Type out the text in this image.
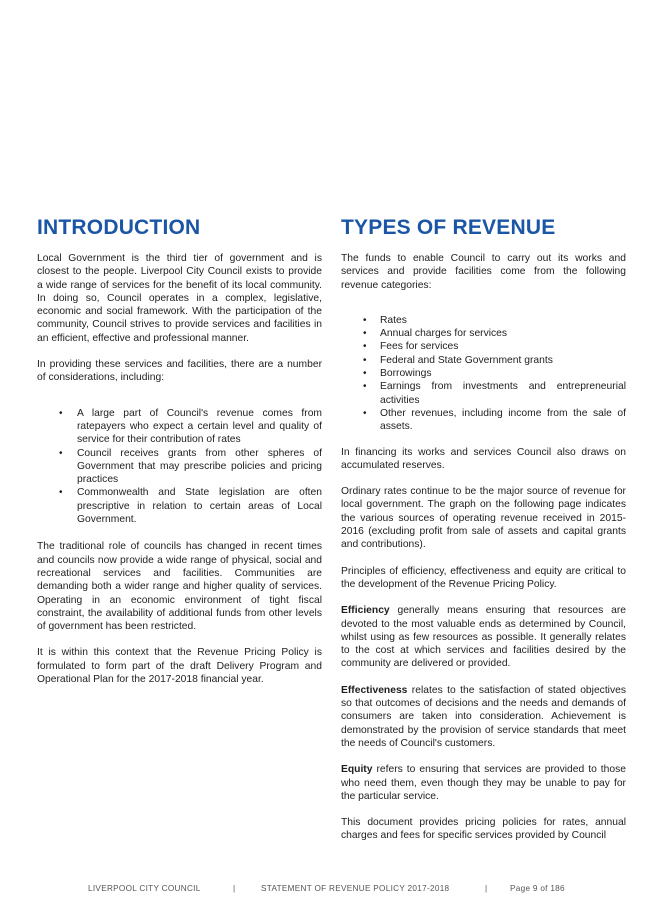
INTRODUCTION

Local Government is the third tier of government and is closest to the people. Liverpool City Council exists to provide a wide range of services for the benefit of its local community. In doing so, Council operates in a complex, legislative, economic and social framework. With the participation of the community, Council strives to provide services and facilities in an efficient, effective and professional manner.

In providing these services and facilities, there are a number of considerations, including:

• A large part of Council's revenue comes from ratepayers who expect a certain level and quality of service for their contribution of rates
• Council receives grants from other spheres of Government that may prescribe policies and pricing practices
• Commonwealth and State legislation are often prescriptive in relation to certain areas of Local Government.

The traditional role of councils has changed in recent times and councils now provide a wide range of physical, social and recreational services and facilities. Communities are demanding both a wider range and higher quality of services. Operating in an economic environment of tight fiscal constraint, the availability of additional funds from other levels of government has been restricted.

It is within this context that the Revenue Pricing Policy is formulated to form part of the draft Delivery Program and Operational Plan for the 2017-2018 financial year.

TYPES OF REVENUE

The funds to enable Council to carry out its works and services and provide facilities come from the following revenue categories:

• Rates
• Annual charges for services
• Fees for services
• Federal and State Government grants
• Borrowings
• Earnings from investments and entrepreneurial activities
• Other revenues, including income from the sale of assets.

In financing its works and services Council also draws on accumulated reserves.

Ordinary rates continue to be the major source of revenue for local government. The graph on the following page indicates the various sources of operating revenue received in 2015-2016 (excluding profit from sale of assets and capital grants and contributions).

Principles of efficiency, effectiveness and equity are critical to the development of the Revenue Pricing Policy.

Efficiency generally means ensuring that resources are devoted to the most valuable ends as determined by Council, whilst using as few resources as possible. It generally relates to the cost at which services and facilities desired by the community are delivered or provided.

Effectiveness relates to the satisfaction of stated objectives so that outcomes of decisions and the needs and demands of consumers are taken into consideration. Achievement is demonstrated by the provision of service standards that meet the needs of Council's customers.

Equity refers to ensuring that services are provided to those who need them, even though they may be unable to pay for the particular service.

This document provides pricing policies for rates, annual charges and fees for specific services provided by Council

LIVERPOOL CITY COUNCIL	|	STATEMENT OF REVENUE POLICY 2017-2018	|	Page 9 of 186
